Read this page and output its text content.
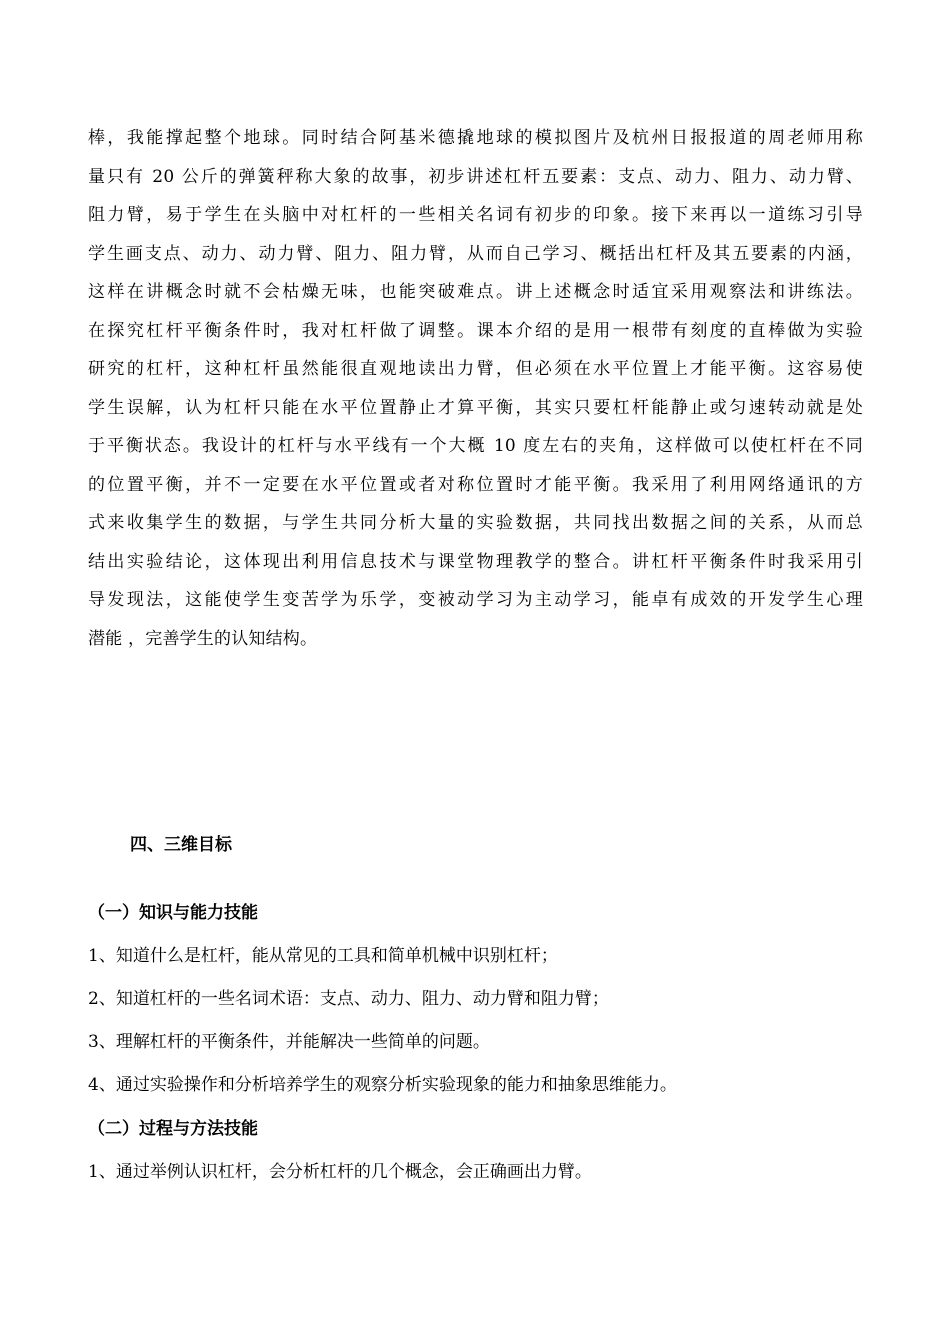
棒，我能撑起整个地球。同时结合阿基米德撬地球的模拟图片及杭州日报报道的周老师用称
量只有 20 公斤的弹簧秤称大象的故事，初步讲述杠杆五要素：支点、动力、阻力、动力臂、
阻力臂，易于学生在头脑中对杠杆的一些相关名词有初步的印象。接下来再以一道练习引导
学生画支点、动力、动力臂、阻力、阻力臂，从而自己学习、概括出杠杆及其五要素的内涵，
这样在讲概念时就不会枯燥无味，也能突破难点。讲上述概念时适宜采用观察法和讲练法。
在探究杠杆平衡条件时，我对杠杆做了调整。课本介绍的是用一根带有刻度的直棒做为实验
研究的杠杆，这种杠杆虽然能很直观地读出力臂，但必须在水平位置上才能平衡。这容易使
学生误解，认为杠杆只能在水平位置静止才算平衡，其实只要杠杆能静止或匀速转动就是处
于平衡状态。我设计的杠杆与水平线有一个大概 10 度左右的夹角，这样做可以使杠杆在不同
的位置平衡，并不一定要在水平位置或者对称位置时才能平衡。我采用了利用网络通讯的方
式来收集学生的数据，与学生共同分析大量的实验数据，共同找出数据之间的关系，从而总
结出实验结论，这体现出利用信息技术与课堂物理教学的整合。讲杠杆平衡条件时我采用引
导发现法，这能使学生变苦学为乐学，变被动学习为主动学习，能卓有成效的开发学生心理
潜能 ，完善学生的认知结构。

四、三维目标
（一）知识与能力技能

1、知道什么是杠杆，能从常见的工具和简单机械中识别杠杆；

2、知道杠杆的一些名词术语：支点、动力、阻力、动力臂和阻力臂；

3、理解杠杆的平衡条件，并能解决一些简单的问题。

4、通过实验操作和分析培养学生的观察分析实验现象的能力和抽象思维能力。

（二）过程与方法技能

1、通过举例认识杠杆，会分析杠杆的几个概念，会正确画出力臂。
